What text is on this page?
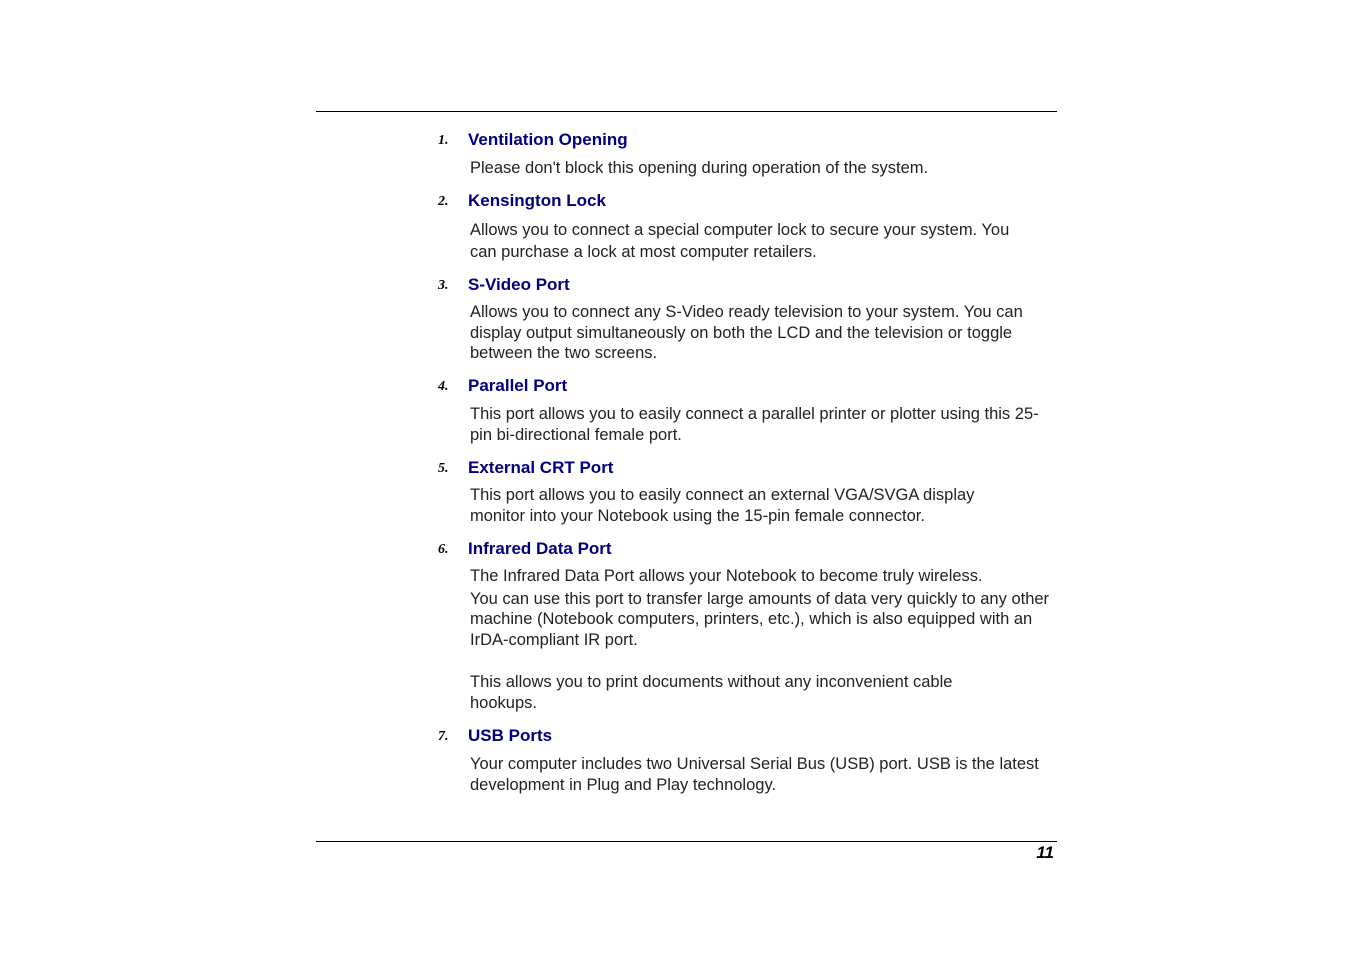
1. Ventilation Opening

Please don't block this opening during operation of the system.

2. Kensington Lock

Allows you to connect a special computer lock to secure your system. You can purchase a lock at most computer retailers.

3. S-Video Port

Allows you to connect any S-Video ready television to your system. You can display output simultaneously on both the LCD and the television or toggle between the two screens.

4. Parallel Port

This port allows you to easily connect a parallel printer or plotter using this 25-pin bi-directional female port.

5. External CRT Port

This port allows you to easily connect an external VGA/SVGA display monitor into your Notebook using the 15-pin female connector.

6. Infrared Data Port

The Infrared Data Port allows your Notebook to become truly wireless.

You can use this port to transfer large amounts of data very quickly to any other machine (Notebook computers, printers, etc.), which is also equipped with an IrDA-compliant IR port.

This allows you to print documents without any inconvenient cable hookups.

7. USB Ports

Your computer includes two Universal Serial Bus (USB) port. USB is the latest development in Plug and Play technology.

11
